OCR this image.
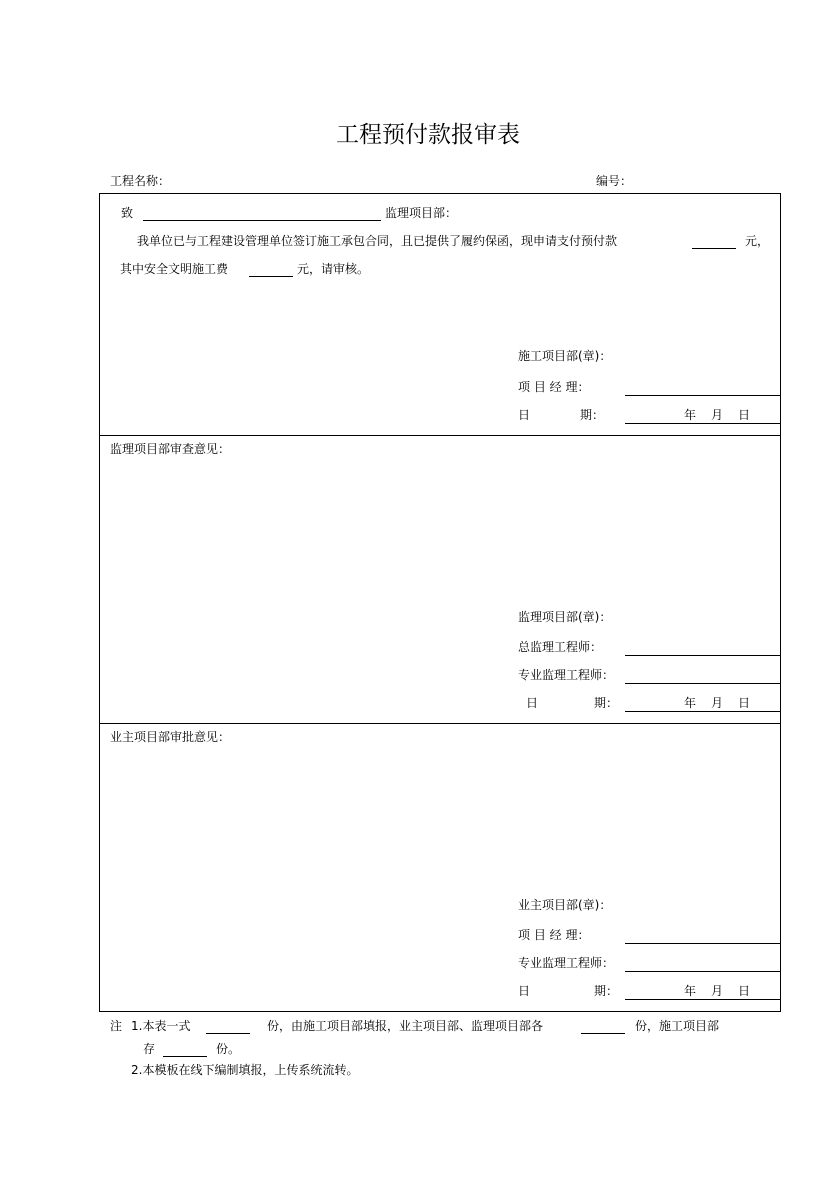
工程预付款报审表
工程名称：	编号：
致	监理项目部：
我单位已与工程建设管理单位签订施工承包合同，且已提供了履约保函，现申请支付预付款	元，
其中安全文明施工费	元，请审核。
施工项目部(章)：
项 目 经 理：
日	期：	年 月 日
监理项目部审查意见：
监理项目部(章)：
总监理工程师：
专业监理工程师：
日	期：	年 月 日
业主项目部审批意见：
业主项目部(章)：
项 目 经 理：
专业监理工程师：
日	期：	年 月 日
注 1.本表一式	份，由施工项目部填报，业主项目部、监理项目部各	份，施工项目部
存	份。
2.本模板在线下编制填报，上传系统流转。
